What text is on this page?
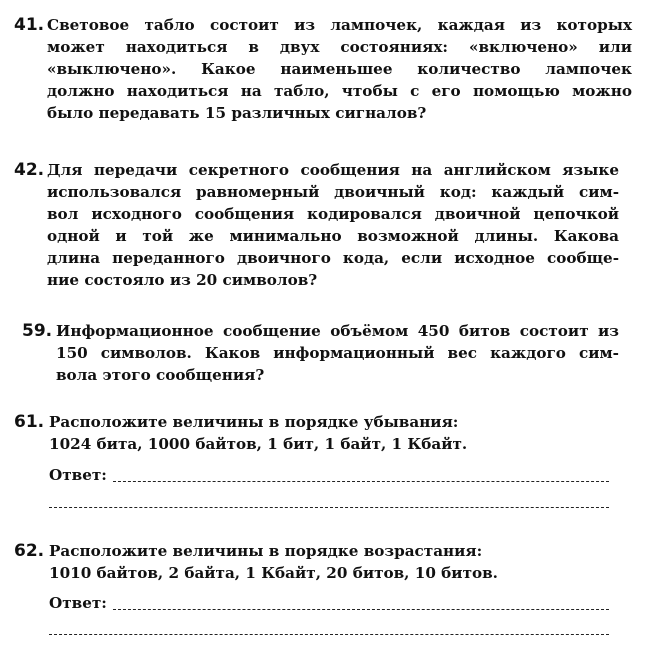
41. Световое табло состоит из лампочек, каждая из которых
может находиться в двух состояниях: «включено» или
«выключено». Какое наименьшее количество лампочек
должно находиться на табло, чтобы с его помощью можно
было передавать 15 различных сигналов?
42. Для передачи секретного сообщения на английском языке
использовался равномерный двоичный код: каждый сим-
вол исходного сообщения кодировался двоичной цепочкой
одной и той же минимально возможной длины. Какова
длина переданного двоичного кода, если исходное сообще-
ние состояло из 20 символов?
59. Информационное сообщение объёмом 450 битов состоит из
150 символов. Каков информационный вес каждого сим-
вола этого сообщения?
61. Расположите величины в порядке убывания:
1024 бита, 1000 байтов, 1 бит, 1 байт, 1 Кбайт.
Ответ:
62. Расположите величины в порядке возрастания:
1010 байтов, 2 байта, 1 Кбайт, 20 битов, 10 битов.
Ответ:
